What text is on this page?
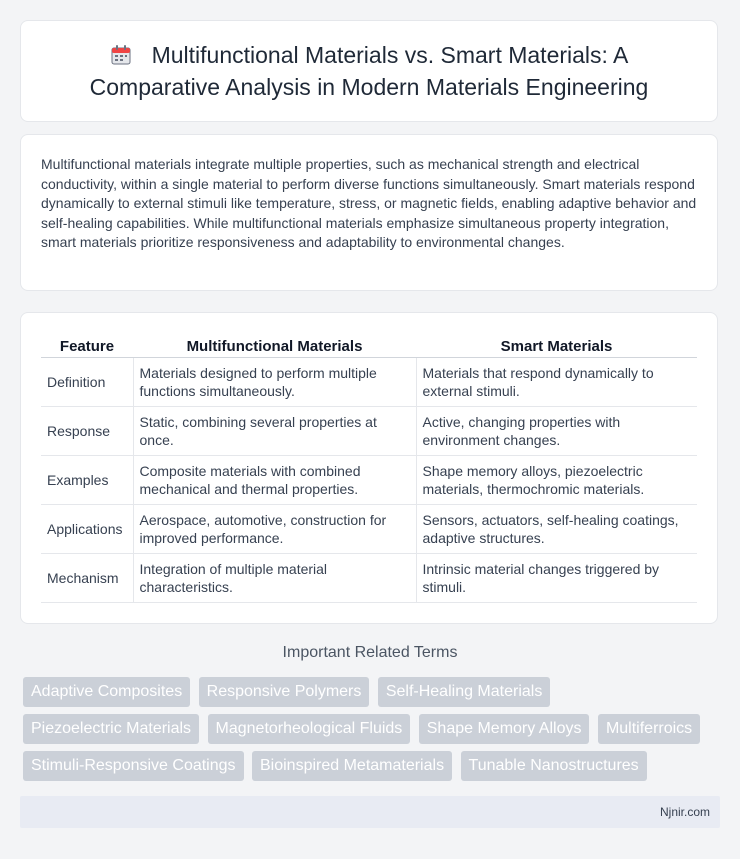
Multifunctional Materials vs. Smart Materials: A Comparative Analysis in Modern Materials Engineering

Multifunctional materials integrate multiple properties, such as mechanical strength and electrical conductivity, within a single material to perform diverse functions simultaneously. Smart materials respond dynamically to external stimuli like temperature, stress, or magnetic fields, enabling adaptive behavior and self-healing capabilities. While multifunctional materials emphasize simultaneous property integration, smart materials prioritize responsiveness and adaptability to environmental changes.

Feature	Multifunctional Materials	Smart Materials
Definition	Materials designed to perform multiple functions simultaneously.	Materials that respond dynamically to external stimuli.
Response	Static, combining several properties at once.	Active, changing properties with environment changes.
Examples	Composite materials with combined mechanical and thermal properties.	Shape memory alloys, piezoelectric materials, thermochromic materials.
Applications	Aerospace, automotive, construction for improved performance.	Sensors, actuators, self-healing coatings, adaptive structures.
Mechanism	Integration of multiple material characteristics.	Intrinsic material changes triggered by stimuli.
Important Related Terms
Adaptive Composites Responsive Polymers Self-Healing Materials
Piezoelectric Materials Magnetorheological Fluids Shape Memory Alloys Multiferroics
Stimuli-Responsive Coatings Bioinspired Metamaterials Tunable Nanostructures
Njnir.com
